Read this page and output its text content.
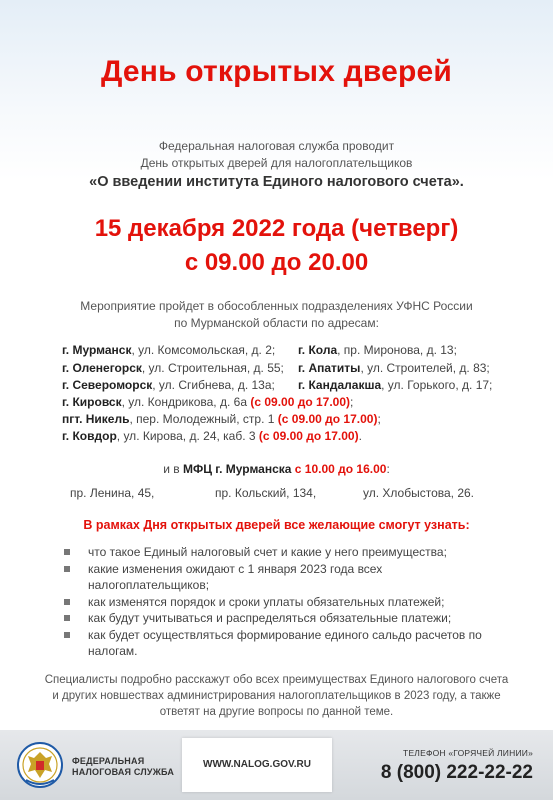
День открытых дверей
Федеральная налоговая служба проводит
День открытых дверей для налогоплательщиков
«О введении института Единого налогового счета».
15 декабря 2022 года (четверг)
с 09.00 до 20.00
Мероприятие пройдет в обособленных подразделениях УФНС России
по Мурманской области по адресам:
г. Мурманск, ул. Комсомольская, д. 2; г. Кола, пр. Миронова, д. 13;
г. Оленегорск, ул. Строительная, д. 55; г. Апатиты, ул. Строителей, д. 83;
г. Североморск, ул. Сгибнева, д. 13а; г. Кандалакша, ул. Горького, д. 17;
г. Кировск, ул. Кондрикова, д. 6а (с 09.00 до 17.00);
пгт. Никель, пер. Молодежный, стр. 1 (с 09.00 до 17.00);
г. Ковдор, ул. Кирова, д. 24, каб. 3 (с 09.00 до 17.00).
и в МФЦ г. Мурманска с 10.00 до 16.00:
пр. Ленина, 45,	пр. Кольский, 134,	ул. Хлобыстова, 26.
В рамках Дня открытых дверей все желающие смогут узнать:
что такое Единый налоговый счет и какие у него преимущества;
какие изменения ожидают с 1 января 2023 года всех
налогоплательщиков;
как изменятся порядок и сроки уплаты обязательных платежей;
как будут учитываться и распределяться обязательные платежи;
как будет осуществляться формирование единого сальдо расчетов по
налогам.
Специалисты подробно расскажут обо всех преимуществах Единого налогового счета
и других новшествах администрирования налогоплательщиков в 2023 году, а также
ответят на другие вопросы по данной теме.
ФЕДЕРАЛЬНАЯ
НАЛОГОВАЯ СЛУЖБА
WWW.NALOG.GOV.RU
ТЕЛЕФОН «ГОРЯЧЕЙ ЛИНИИ»
8 (800) 222-22-22
